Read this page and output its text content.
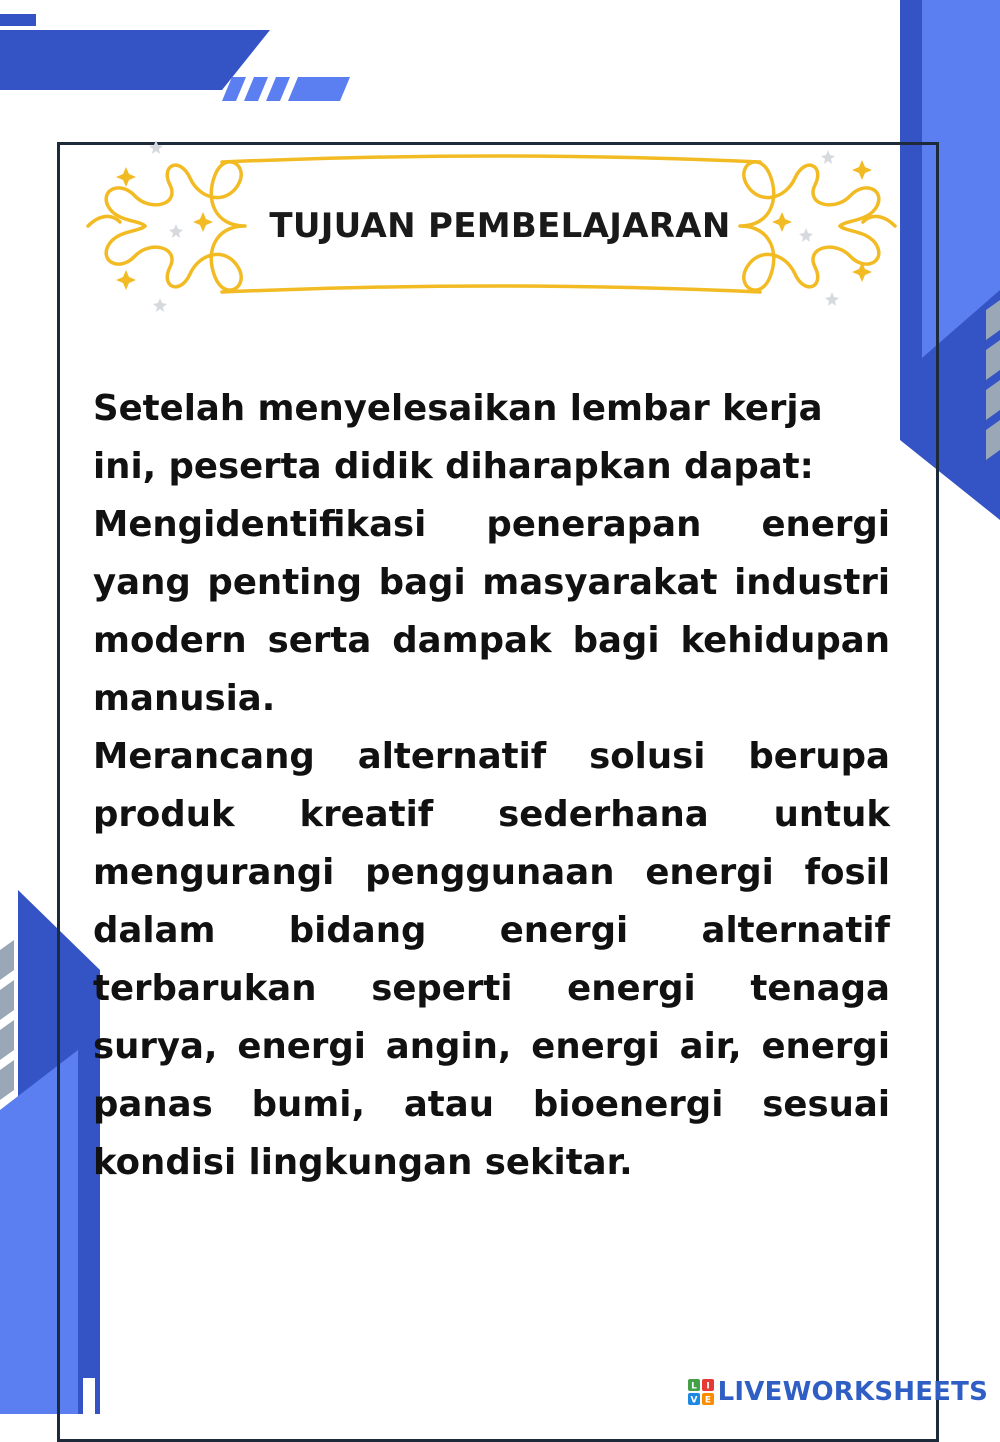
TUJUAN PEMBELAJARAN

Setelah menyelesaikan lembar kerja ini, peserta didik diharapkan dapat:

Mengidentifikasi penerapan energi yang penting bagi masyarakat industri modern serta dampak bagi kehidupan manusia.

Merancang alternatif solusi berupa produk kreatif sederhana untuk mengurangi penggunaan energi fosil dalam bidang energi alternatif terbarukan seperti energi tenaga surya, energi angin, energi air, energi panas bumi, atau bioenergi sesuai kondisi lingkungan sekitar.

L I
V E LIVEWORKSHEETS
